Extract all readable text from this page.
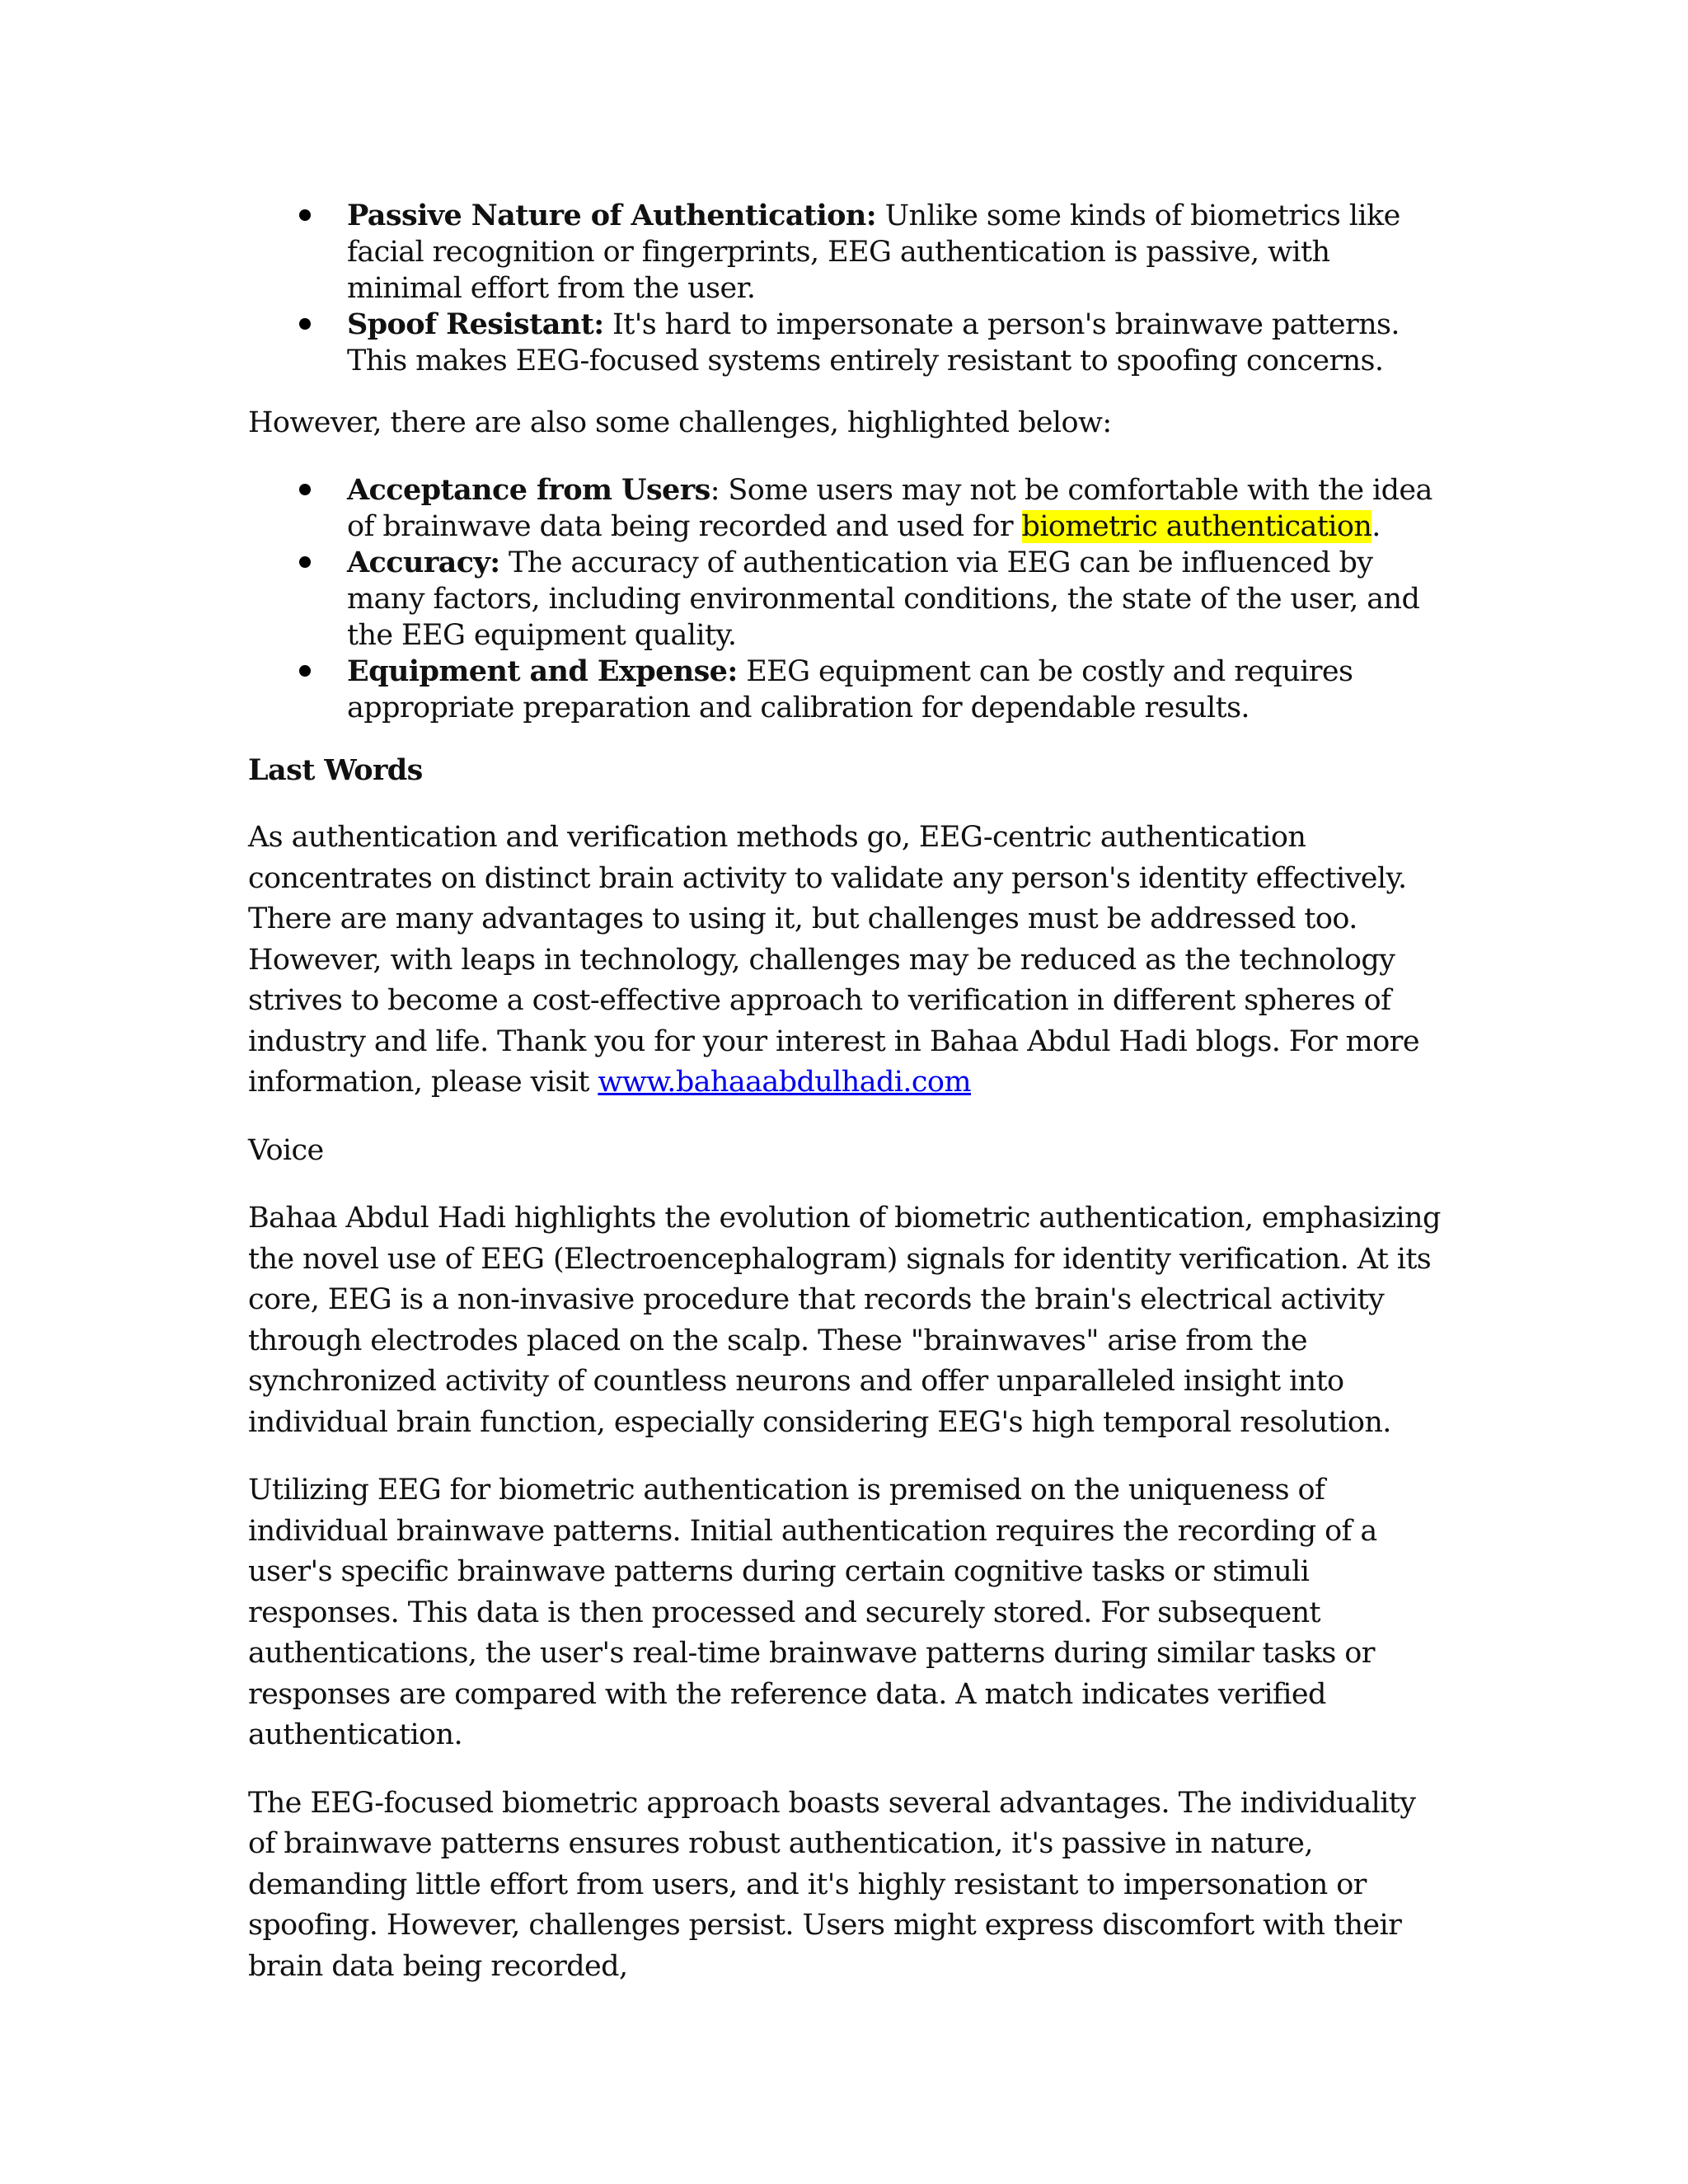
Passive Nature of Authentication: Unlike some kinds of biometrics like facial recognition or fingerprints, EEG authentication is passive, with minimal effort from the user.
Spoof Resistant: It's hard to impersonate a person's brainwave patterns. This makes EEG-focused systems entirely resistant to spoofing concerns.

However, there are also some challenges, highlighted below:

Acceptance from Users: Some users may not be comfortable with the idea of brainwave data being recorded and used for biometric authentication.
Accuracy: The accuracy of authentication via EEG can be influenced by many factors, including environmental conditions, the state of the user, and the EEG equipment quality.
Equipment and Expense: EEG equipment can be costly and requires appropriate preparation and calibration for dependable results.

Last Words

As authentication and verification methods go, EEG-centric authentication concentrates on distinct brain activity to validate any person's identity effectively. There are many advantages to using it, but challenges must be addressed too. However, with leaps in technology, challenges may be reduced as the technology strives to become a cost-effective approach to verification in different spheres of industry and life. Thank you for your interest in Bahaa Abdul Hadi blogs. For more information, please visit www.bahaaabdulhadi.com

Voice

Bahaa Abdul Hadi highlights the evolution of biometric authentication, emphasizing the novel use of EEG (Electroencephalogram) signals for identity verification. At its core, EEG is a non-invasive procedure that records the brain's electrical activity through electrodes placed on the scalp. These "brainwaves" arise from the synchronized activity of countless neurons and offer unparalleled insight into individual brain function, especially considering EEG's high temporal resolution.

Utilizing EEG for biometric authentication is premised on the uniqueness of individual brainwave patterns. Initial authentication requires the recording of a user's specific brainwave patterns during certain cognitive tasks or stimuli responses. This data is then processed and securely stored. For subsequent authentications, the user's real-time brainwave patterns during similar tasks or responses are compared with the reference data. A match indicates verified authentication.

The EEG-focused biometric approach boasts several advantages. The individuality of brainwave patterns ensures robust authentication, it's passive in nature, demanding little effort from users, and it's highly resistant to impersonation or spoofing. However, challenges persist. Users might express discomfort with their brain data being recorded,
